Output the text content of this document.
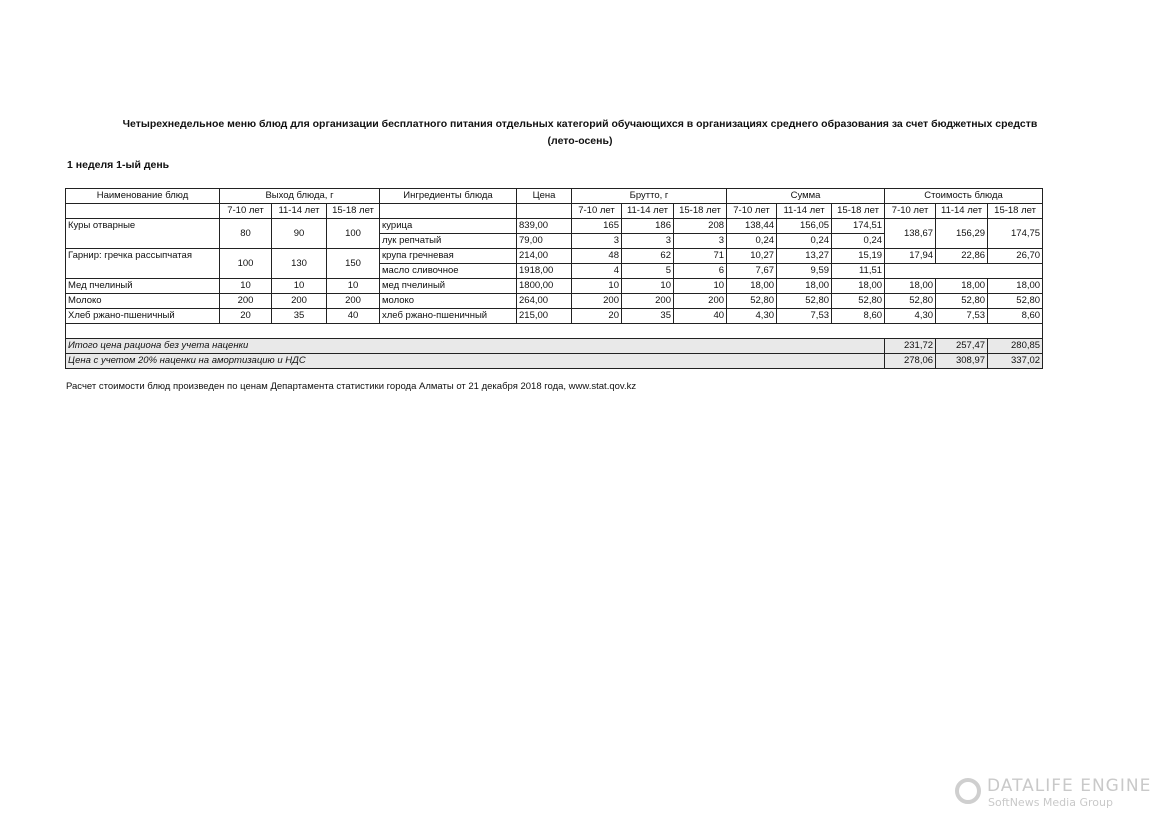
Четырехнедельное меню блюд для организации бесплатного питания отдельных категорий обучающихся в организациях среднего образования за счет бюджетных средств
(лето-осень)
1 неделя 1-ый день
Наименование блюд	Выход блюда, г			Ингредиенты блюда	Цена	Брутто, г			Сумма			Стоимость блюда		
	7-10 лет	11-14 лет	15-18 лет			7-10 лет	11-14 лет	15-18 лет	7-10 лет	11-14 лет	15-18 лет	7-10 лет	11-14 лет	15-18 лет
Куры отварные	80	90	100	курица	839,00	165	186	208	138,44	156,05	174,51	138,67	156,29	174,75
				лук репчатый	79,00	3	3	3	0,24	0,24	0,24			
Гарнир: гречка рассыпчатая	100	130	150	крупа гречневая	214,00	48	62	71	10,27	13,27	15,19	17,94	22,86	26,70
				масло сливочное	1918,00	4	5	6	7,67	9,59	11,51			
Мед пчелиный	10	10	10	мед пчелиный	1800,00	10	10	10	18,00	18,00	18,00	18,00	18,00	18,00
Молоко	200	200	200	молоко	264,00	200	200	200	52,80	52,80	52,80	52,80	52,80	52,80
Хлеб ржано-пшеничный	20	35	40	хлеб ржано-пшеничный	215,00	20	35	40	4,30	7,53	8,60	4,30	7,53	8,60

Итого цена рациона без учета наценки												231,72	257,47	280,85
Цена с учетом 20% наценки на амортизацию и НДС												278,06	308,97	337,02
Расчет стоимости блюд произведен по ценам Департамента статистики города Алматы от 21 декабря 2018 года, www.stat.qov.kz
DATALIFE ENGINE
SoftNews Media Group
